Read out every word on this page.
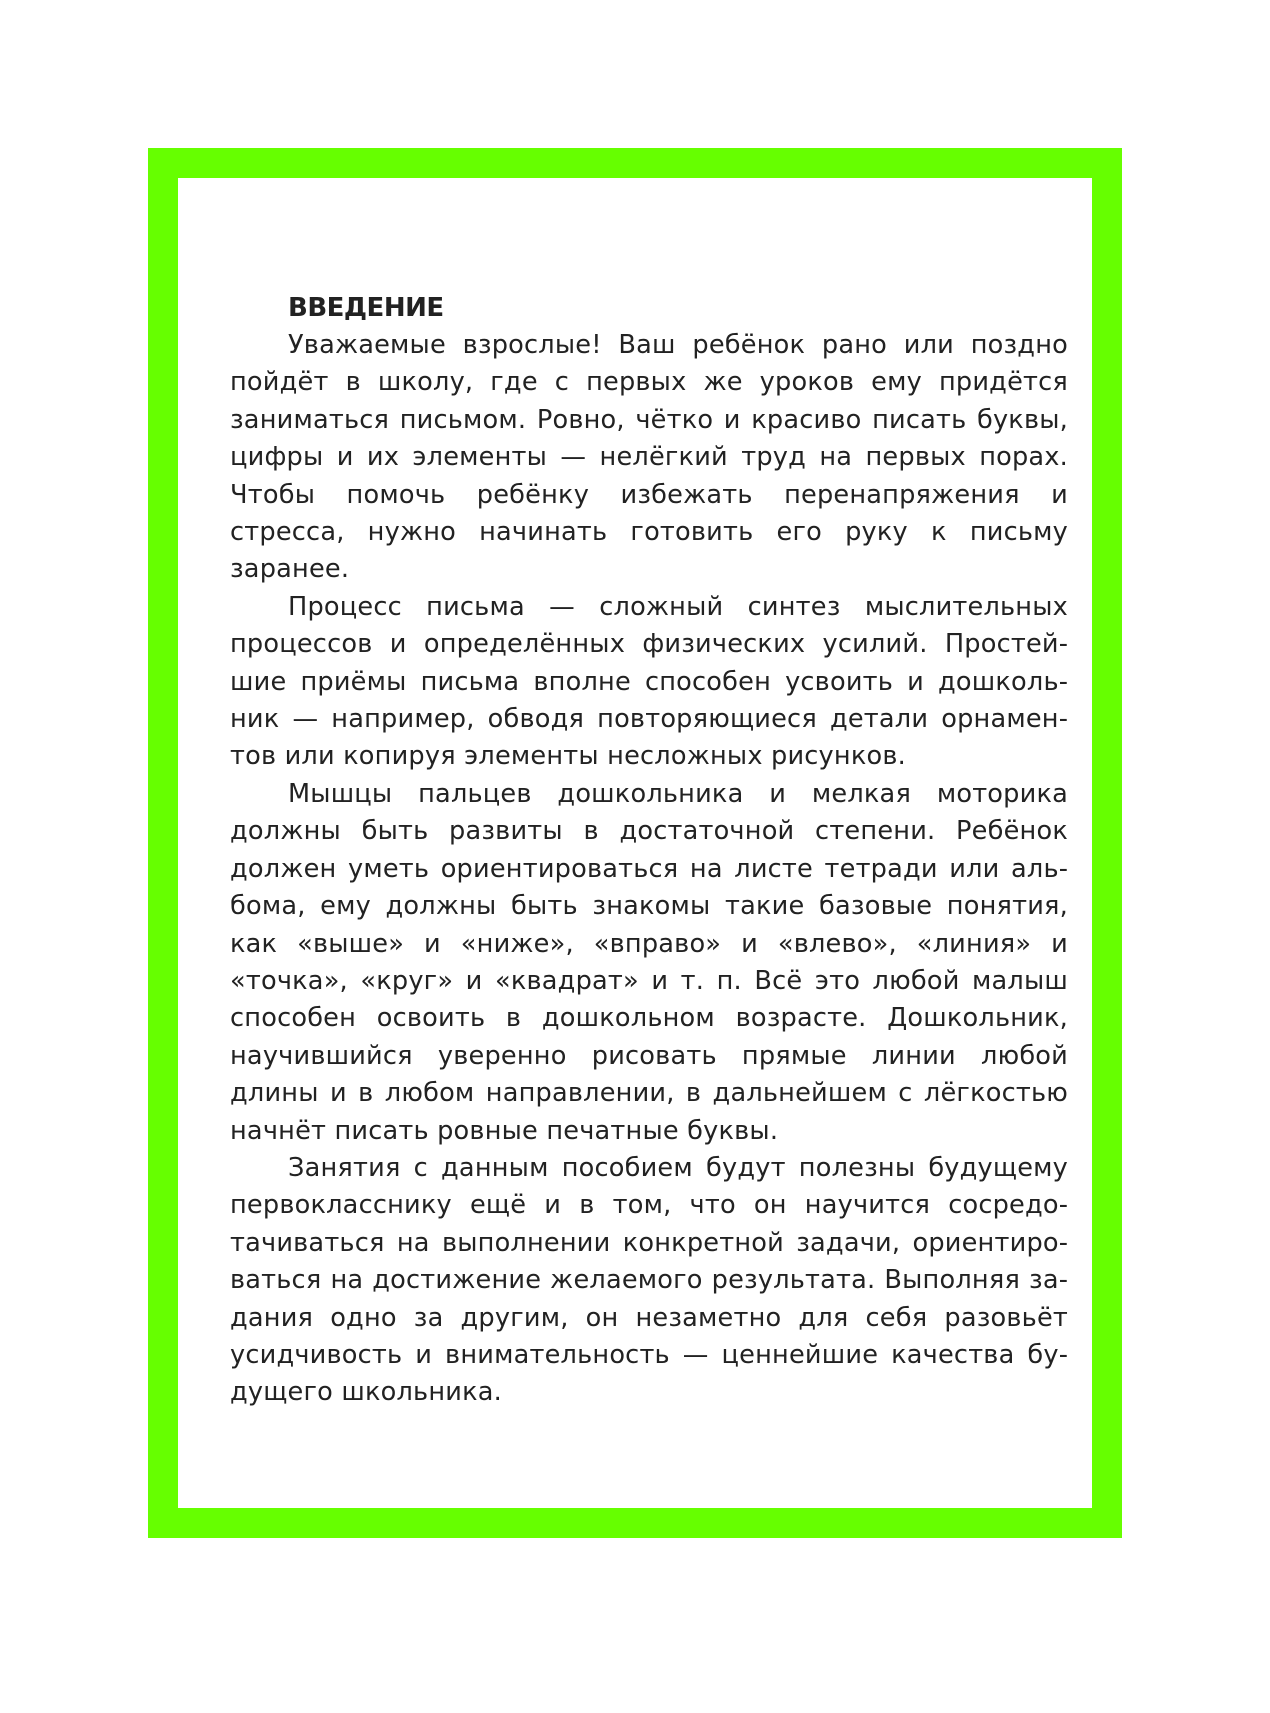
ВВЕДЕНИЕ

Уважаемые взрослые! Ваш ребёнок рано или поздно пойдёт в школу, где с первых же уроков ему придётся заниматься письмом. Ровно, чётко и красиво писать буквы, цифры и их элементы — нелёгкий труд на первых порах. Чтобы помочь ребёнку избежать перенапряжения и стресса, нужно начинать готовить его руку к письму заранее.

Процесс письма — сложный синтез мыслительных процессов и определённых физических усилий. Простейшие приёмы письма вполне способен усвоить и дошкольник — например, обводя повторяющиеся детали орнаментов или копируя элементы несложных рисунков.

Мышцы пальцев дошкольника и мелкая моторика должны быть развиты в достаточной степени. Ребёнок должен уметь ориентироваться на листе тетради или альбома, ему должны быть знакомы такие базовые понятия, как «выше» и «ниже», «вправо» и «влево», «линия» и «точка», «круг» и «квадрат» и т. п. Всё это любой малыш способен освоить в дошкольном возрасте. Дошкольник, научившийся уверенно рисовать прямые линии любой длины и в любом направлении, в дальнейшем с лёгкостью начнёт писать ровные печатные буквы.

Занятия с данным пособием будут полезны будущему первокласснику ещё и в том, что он научится сосредотачиваться на выполнении конкретной задачи, ориентироваться на достижение желаемого результата. Выполняя задания одно за другим, он незаметно для себя разовьёт усидчивость и внимательность — ценнейшие качества будущего школьника.
